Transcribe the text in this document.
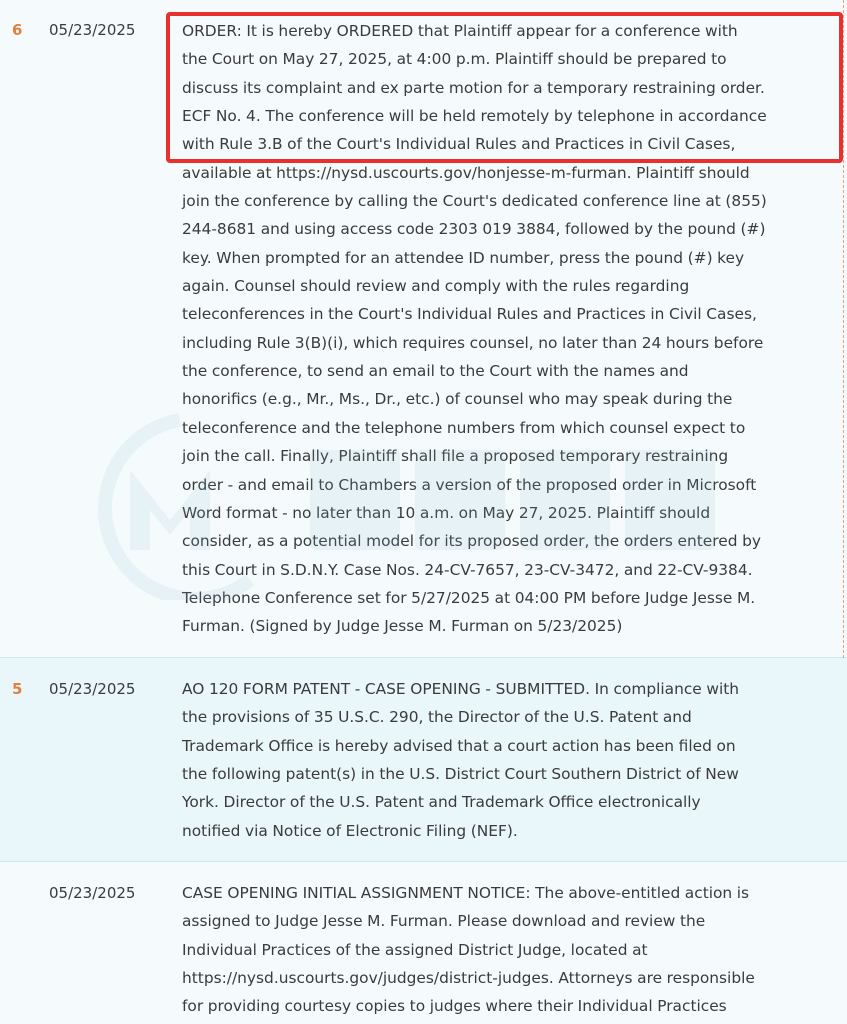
6 05/23/2025	ORDER: It is hereby ORDERED that Plaintiff appear for a conference with
the Court on May 27, 2025, at 4:00 p.m. Plaintiff should be prepared to
discuss its complaint and ex parte motion for a temporary restraining order.
ECF No. 4. The conference will be held remotely by telephone in accordance
with Rule 3.B of the Court's Individual Rules and Practices in Civil Cases,
available at https://nysd.uscourts.gov/honjesse-m-furman. Plaintiff should
join the conference by calling the Court's dedicated conference line at (855)
244-8681 and using access code 2303 019 3884, followed by the pound (#)
key. When prompted for an attendee ID number, press the pound (#) key
again. Counsel should review and comply with the rules regarding
teleconferences in the Court's Individual Rules and Practices in Civil Cases,
including Rule 3(B)(i), which requires counsel, no later than 24 hours before
the conference, to send an email to the Court with the names and
honorifics (e.g., Mr., Ms., Dr., etc.) of counsel who may speak during the
teleconference and the telephone numbers from which counsel expect to
join the call. Finally, Plaintiff shall file a proposed temporary restraining
order - and email to Chambers a version of the proposed order in Microsoft
Word format - no later than 10 a.m. on May 27, 2025. Plaintiff should
consider, as a potential model for its proposed order, the orders entered by
this Court in S.D.N.Y. Case Nos. 24-CV-7657, 23-CV-3472, and 22-CV-9384.
Telephone Conference set for 5/27/2025 at 04:00 PM before Judge Jesse M.
Furman. (Signed by Judge Jesse M. Furman on 5/23/2025)
5 05/23/2025	AO 120 FORM PATENT - CASE OPENING - SUBMITTED. In compliance with
the provisions of 35 U.S.C. 290, the Director of the U.S. Patent and
Trademark Office is hereby advised that a court action has been filed on
the following patent(s) in the U.S. District Court Southern District of New
York. Director of the U.S. Patent and Trademark Office electronically
notified via Notice of Electronic Filing (NEF).
05/23/2025	CASE OPENING INITIAL ASSIGNMENT NOTICE: The above-entitled action is
assigned to Judge Jesse M. Furman. Please download and review the
Individual Practices of the assigned District Judge, located at
https://nysd.uscourts.gov/judges/district-judges. Attorneys are responsible
for providing courtesy copies to judges where their Individual Practices
